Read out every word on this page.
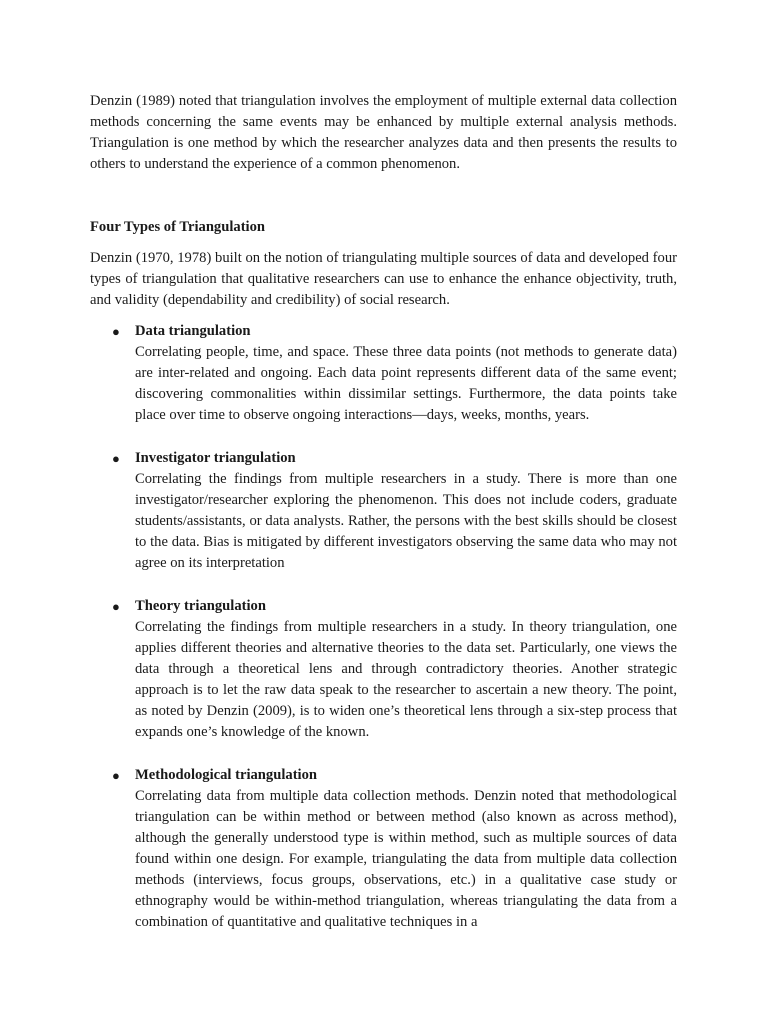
Denzin (1989) noted that triangulation involves the employment of multiple external data collection methods concerning the same events may be enhanced by multiple external analysis methods. Triangulation is one method by which the researcher analyzes data and then presents the results to others to understand the experience of a common phenomenon.

Four Types of Triangulation

Denzin (1970, 1978) built on the notion of triangulating multiple sources of data and developed four types of triangulation that qualitative researchers can use to enhance the enhance objectivity, truth, and validity (dependability and credibility) of social research.

● Data triangulation

Correlating people, time, and space. These three data points (not methods to generate data) are inter-related and ongoing. Each data point represents different data of the same event; discovering commonalities within dissimilar settings. Furthermore, the data points take place over time to observe ongoing interactions—days, weeks, months, years.

● Investigator triangulation

Correlating the findings from multiple researchers in a study. There is more than one investigator/researcher exploring the phenomenon. This does not include coders, graduate students/assistants, or data analysts. Rather, the persons with the best skills should be closest to the data. Bias is mitigated by different investigators observing the same data who may not agree on its interpretation

● Theory triangulation

Correlating the findings from multiple researchers in a study. In theory triangulation, one applies different theories and alternative theories to the data set. Particularly, one views the data through a theoretical lens and through contradictory theories. Another strategic approach is to let the raw data speak to the researcher to ascertain a new theory. The point, as noted by Denzin (2009), is to widen one’s theoretical lens through a six-step process that expands one’s knowledge of the known.

● Methodological triangulation

Correlating data from multiple data collection methods. Denzin noted that methodological triangulation can be within method or between method (also known as across method), although the generally understood type is within method, such as multiple sources of data found within one design. For example, triangulating the data from multiple data collection methods (interviews, focus groups, observations, etc.) in a qualitative case study or ethnography would be within-method triangulation, whereas triangulating the data from a combination of quantitative and qualitative techniques in a
